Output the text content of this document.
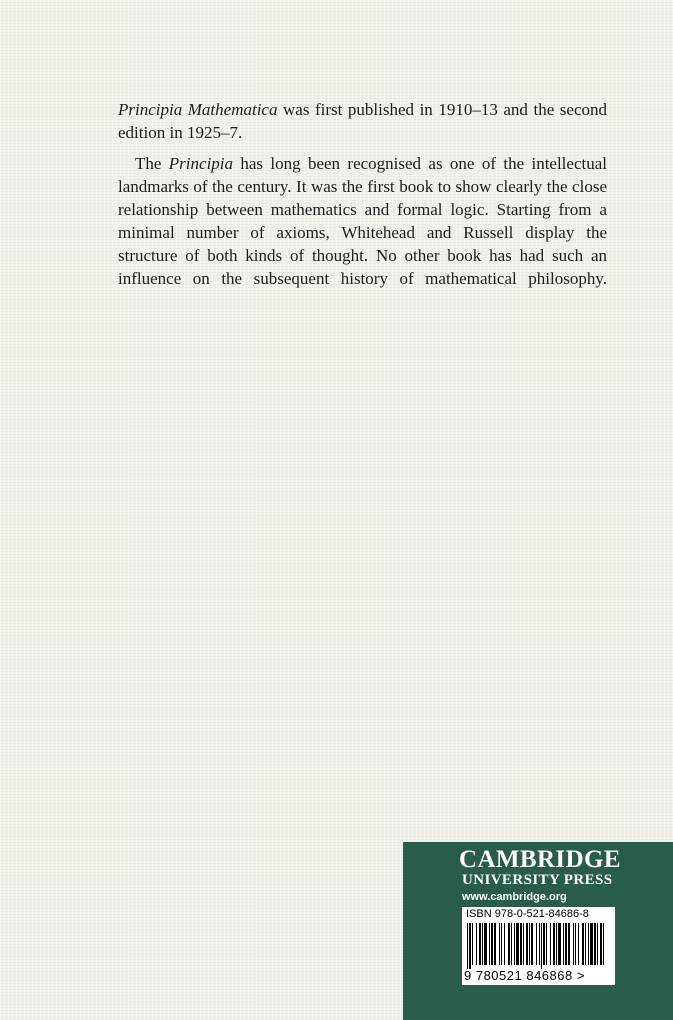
Principia Mathematica was first published in 1910–13 and the second edition in 1925–7.

The Principia has long been recognised as one of the intellectual landmarks of the century. It was the first book to show clearly the close relationship between mathematics and formal logic. Starting from a minimal number of axioms, Whitehead and Russell display the structure of both kinds of thought. No other book has had such an influence on the subsequent history of mathematical philosophy.

CAMBRIDGE
UNIVERSITY PRESS
www.cambridge.org
ISBN 978-0-521-84686-8
9 780521 846868 >
